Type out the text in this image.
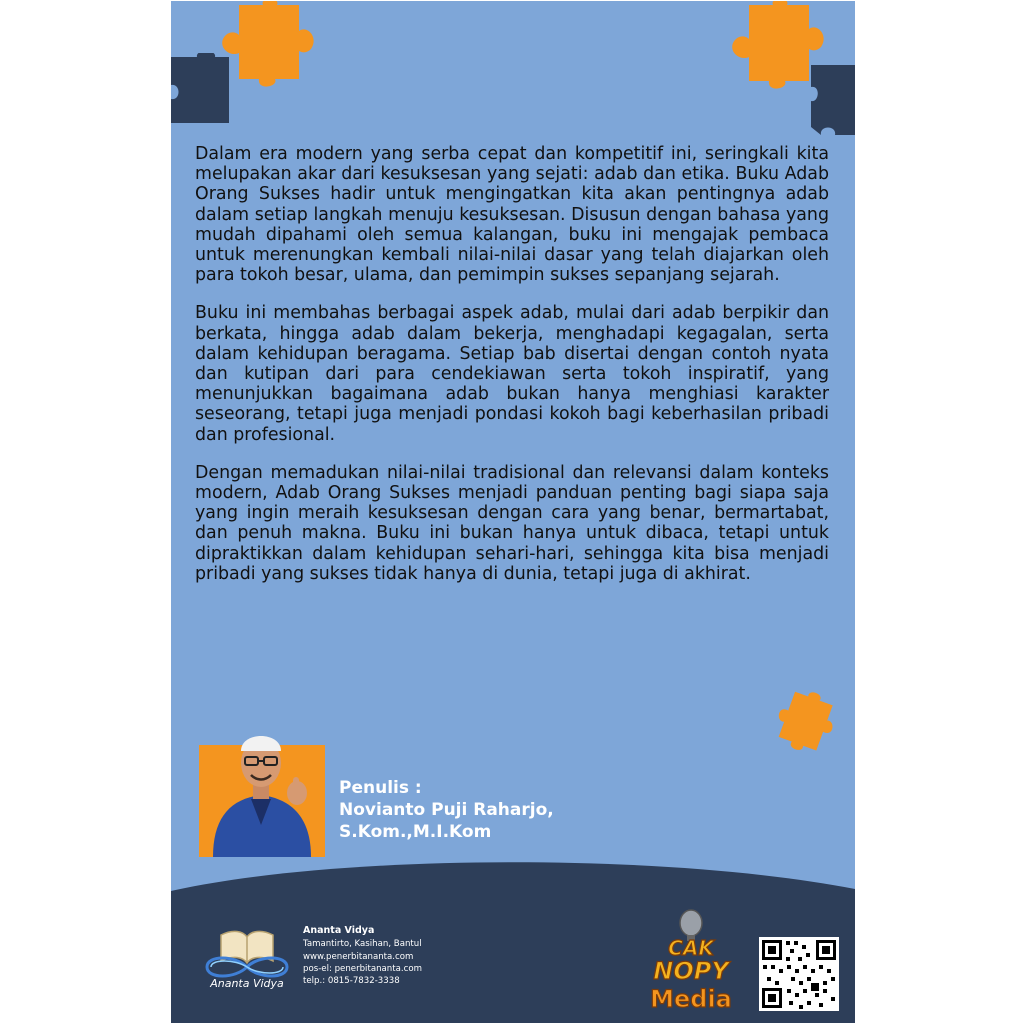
Dalam era modern yang serba cepat dan kompetitif ini, seringkali kita melupakan akar dari kesuksesan yang sejati: adab dan etika. Buku Adab Orang Sukses hadir untuk mengingatkan kita akan pentingnya adab dalam setiap langkah menuju kesuksesan. Disusun dengan bahasa yang mudah dipahami oleh semua kalangan, buku ini mengajak pembaca untuk merenungkan kembali nilai-nilai dasar yang telah diajarkan oleh para tokoh besar, ulama, dan pemimpin sukses sepanjang sejarah.

Buku ini membahas berbagai aspek adab, mulai dari adab berpikir dan berkata, hingga adab dalam bekerja, menghadapi kegagalan, serta dalam kehidupan beragama. Setiap bab disertai dengan contoh nyata dan kutipan dari para cendekiawan serta tokoh inspiratif, yang menunjukkan bagaimana adab bukan hanya menghiasi karakter seseorang, tetapi juga menjadi pondasi kokoh bagi keberhasilan pribadi dan profesional.

Dengan memadukan nilai-nilai tradisional dan relevansi dalam konteks modern, Adab Orang Sukses menjadi panduan penting bagi siapa saja yang ingin meraih kesuksesan dengan cara yang benar, bermartabat, dan penuh makna. Buku ini bukan hanya untuk dibaca, tetapi untuk dipraktikkan dalam kehidupan sehari-hari, sehingga kita bisa menjadi pribadi yang sukses tidak hanya di dunia, tetapi juga di akhirat.

Penulis :
Novianto Puji Raharjo,
S.Kom.,M.I.Kom
Ananta Vidya
Ananta Vidya
Tamantirto, Kasihan, Bantul
www.penerbitananta.com
pos-el: penerbitananta.com
telp.: 0815-7832-3338
CAK
NOPY
Media
